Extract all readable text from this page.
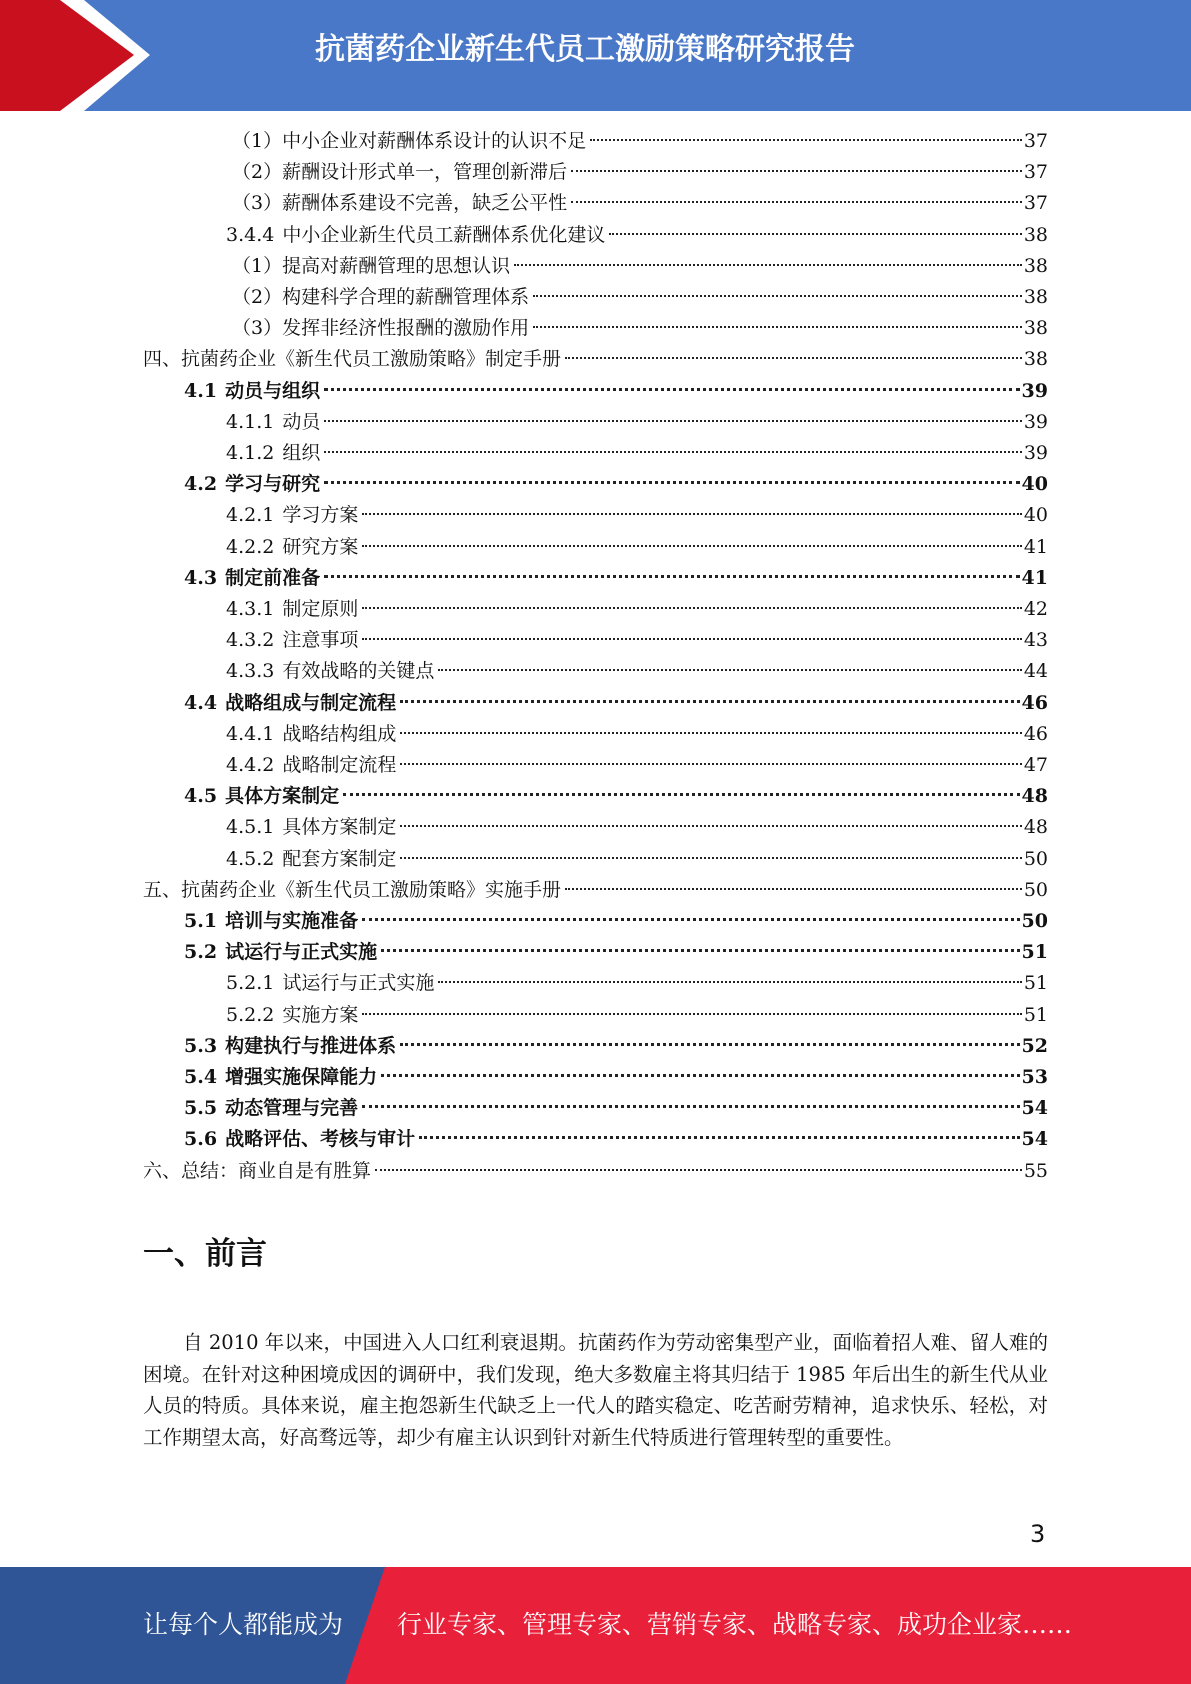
抗菌药企业新生代员工激励策略研究报告
（1）中小企业对薪酬体系设计的认识不足	37
（2）薪酬设计形式单一，管理创新滞后	37
（3）薪酬体系建设不完善，缺乏公平性	37
3.4.4 中小企业新生代员工薪酬体系优化建议	38
（1）提高对薪酬管理的思想认识	38
（2）构建科学合理的薪酬管理体系	38
（3）发挥非经济性报酬的激励作用	38
四、抗菌药企业《新生代员工激励策略》制定手册	38
4.1 动员与组织	39
4.1.1 动员	39
4.1.2 组织	39
4.2 学习与研究	40
4.2.1 学习方案	40
4.2.2 研究方案	41
4.3 制定前准备	41
4.3.1 制定原则	42
4.3.2 注意事项	43
4.3.3 有效战略的关键点	44
4.4 战略组成与制定流程	46
4.4.1 战略结构组成	46
4.4.2 战略制定流程	47
4.5 具体方案制定	48
4.5.1 具体方案制定	48
4.5.2 配套方案制定	50
五、抗菌药企业《新生代员工激励策略》实施手册	50
5.1 培训与实施准备	50
5.2 试运行与正式实施	51
5.2.1 试运行与正式实施	51
5.2.2 实施方案	51
5.3 构建执行与推进体系	52
5.4 增强实施保障能力	53
5.5 动态管理与完善	54
5.6 战略评估、考核与审计	54
六、总结：商业自是有胜算	55
一、前言
自 2010 年以来，中国进入人口红利衰退期。抗菌药作为劳动密集型产业，面临着招人难、留人难的困境。在针对这种困境成因的调研中，我们发现，绝大多数雇主将其归结于 1985 年后出生的新生代从业人员的特质。具体来说，雇主抱怨新生代缺乏上一代人的踏实稳定、吃苦耐劳精神，追求快乐、轻松，对工作期望太高，好高骛远等，却少有雇主认识到针对新生代特质进行管理转型的重要性。
3
让每个人都能成为 行业专家、管理专家、营销专家、战略专家、成功企业家……
